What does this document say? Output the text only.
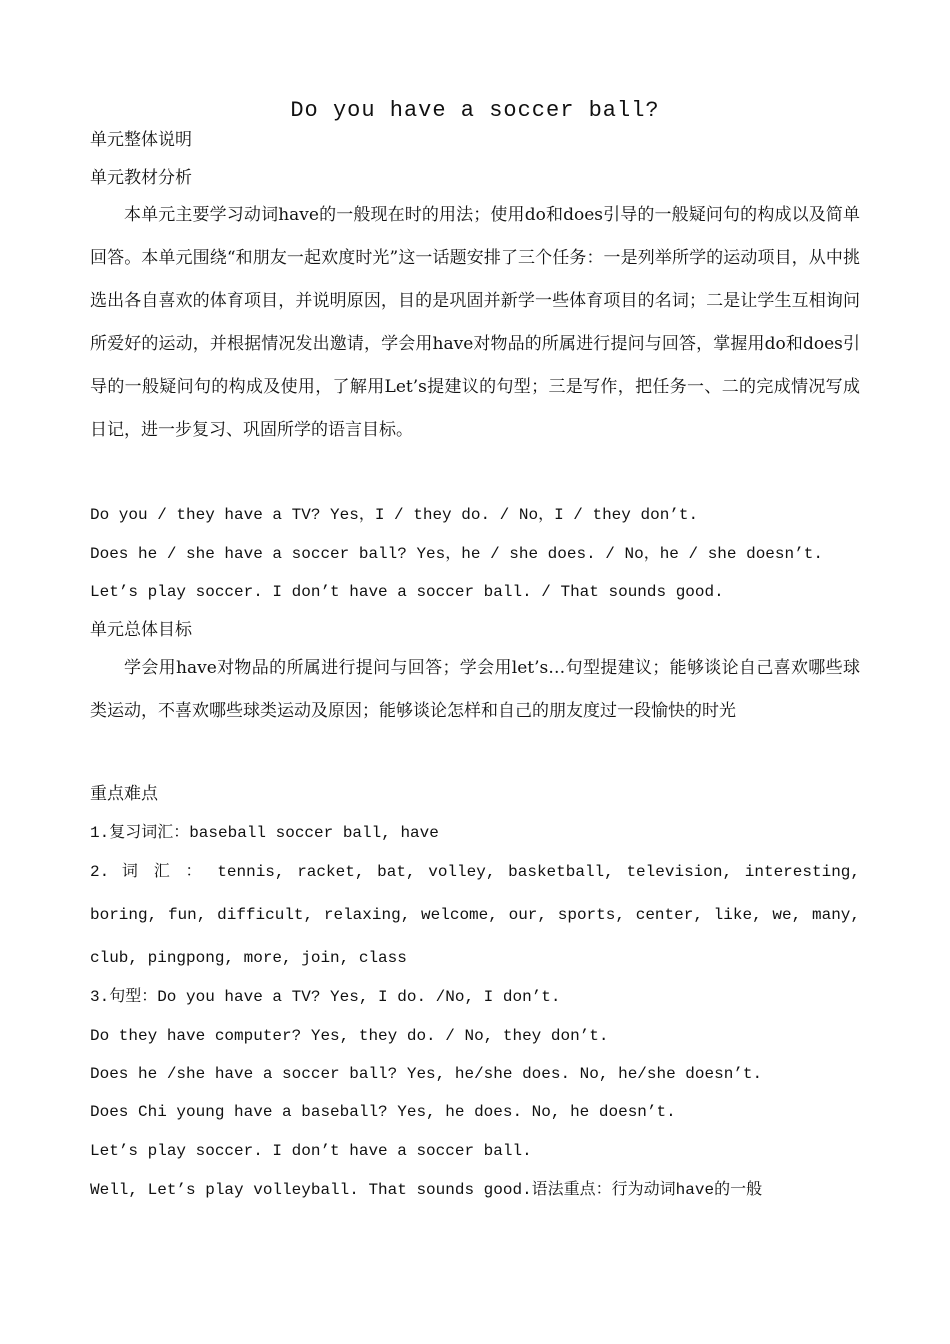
Do you have a soccer ball?
单元整体说明
单元教材分析
本单元主要学习动词have的一般现在时的用法；使用do和does引导的一般疑问句的构成以及简单回答。本单元围绕“和朋友一起欢度时光”这一话题安排了三个任务：一是列举所学的运动项目，从中挑选出各自喜欢的体育项目，并说明原因，目的是巩固并新学一些体育项目的名词；二是让学生互相询问所爱好的运动，并根据情况发出邀请，学会用have对物品的所属进行提问与回答，掌握用do和does引导的一般疑问句的构成及使用，了解用Let’s提建议的句型；三是写作，把任务一、二的完成情况写成日记，进一步复习、巩固所学的语言目标。
Do you / they have a TV? Yes，I / they do. / No，I / they don’t.
Does he / she have a soccer ball? Yes，he / she does. / No，he / she doesn’t.
Let’s play soccer. I don’t have a soccer ball. / That sounds good.
单元总体目标
学会用have对物品的所属进行提问与回答；学会用let’s…句型提建议；能够谈论自己喜欢哪些球类运动，不喜欢哪些球类运动及原因；能够谈论怎样和自己的朋友度过一段愉快的时光
重点难点
1.复习词汇：baseball soccer ball, have
2. 词 汇 ： tennis, racket, bat, volley, basketball, television, interesting,
boring, fun, difficult, relaxing, welcome, our, sports, center, like, we, many,
club, pingpong, more, join, class
3.句型：Do you have a TV? Yes, I do. /No, I don’t.
Do they have computer? Yes, they do. / No, they don’t.
Does he /she have a soccer ball? Yes, he/she does. No, he/she doesn’t.
Does Chi young have a baseball? Yes, he does. No, he doesn’t.
Let’s play soccer. I don’t have a soccer ball.
Well, Let’s play volleyball. That sounds good.语法重点：行为动词have的一般
